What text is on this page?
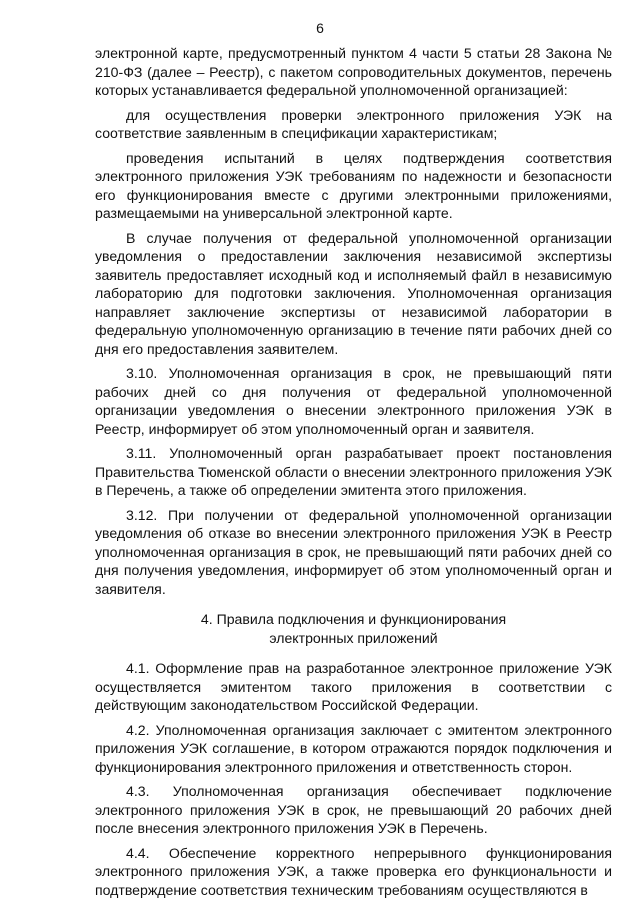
6

электронной карте, предусмотренный пунктом 4 части 5 статьи 28 Закона № 210-ФЗ (далее – Реестр), с пакетом сопроводительных документов, перечень которых устанавливается федеральной уполномоченной организацией:

для осуществления проверки электронного приложения УЭК на соответствие заявленным в спецификации характеристикам;

проведения испытаний в целях подтверждения соответствия электронного приложения УЭК требованиям по надежности и безопасности его функционирования вместе с другими электронными приложениями, размещаемыми на универсальной электронной карте.

В случае получения от федеральной уполномоченной организации уведомления о предоставлении заключения независимой экспертизы заявитель предоставляет исходный код и исполняемый файл в независимую лабораторию для подготовки заключения. Уполномоченная организация направляет заключение экспертизы от независимой лаборатории в федеральную уполномоченную организацию в течение пяти рабочих дней со дня его предоставления заявителем.

3.10. Уполномоченная организация в срок, не превышающий пяти рабочих дней со дня получения от федеральной уполномоченной организации уведомления о внесении электронного приложения УЭК в Реестр, информирует об этом уполномоченный орган и заявителя.

3.11. Уполномоченный орган разрабатывает проект постановления Правительства Тюменской области о внесении электронного приложения УЭК в Перечень, а также об определении эмитента этого приложения.

3.12. При получении от федеральной уполномоченной организации уведомления об отказе во внесении электронного приложения УЭК в Реестр уполномоченная организация в срок, не превышающий пяти рабочих дней со дня получения уведомления, информирует об этом уполномоченный орган и заявителя.

4. Правила подключения и функционирования
электронных приложений

4.1. Оформление прав на разработанное электронное приложение УЭК осуществляется эмитентом такого приложения в соответствии с действующим законодательством Российской Федерации.

4.2. Уполномоченная организация заключает с эмитентом электронного приложения УЭК соглашение, в котором отражаются порядок подключения и функционирования электронного приложения и ответственность сторон.

4.3. Уполномоченная организация обеспечивает подключение электронного приложения УЭК в срок, не превышающий 20 рабочих дней после внесения электронного приложения УЭК в Перечень.

4.4. Обеспечение корректного непрерывного функционирования электронного приложения УЭК, а также проверка его функциональности и подтверждение соответствия техническим требованиям осуществляются в
